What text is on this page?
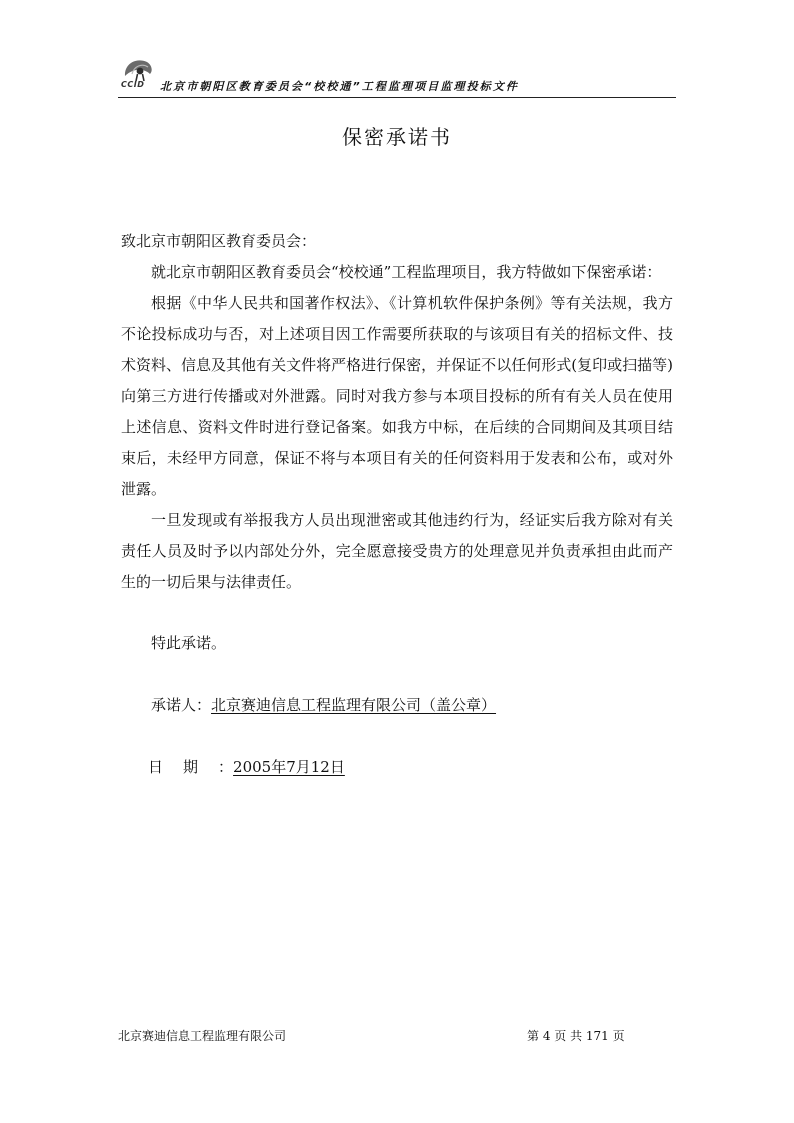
CCID 北京市朝阳区教育委员会“校校通”工程监理项目监理投标文件
保密承诺书

致北京市朝阳区教育委员会：

就北京市朝阳区教育委员会“校校通”工程监理项目，我方特做如下保密承诺：

根据《中华人民共和国著作权法》、《计算机软件保护条例》等有关法规，我方不论投标成功与否，对上述项目因工作需要所获取的与该项目有关的招标文件、技术资料、信息及其他有关文件将严格进行保密，并保证不以任何形式(复印或扫描等)向第三方进行传播或对外泄露。同时对我方参与本项目投标的所有有关人员在使用上述信息、资料文件时进行登记备案。如我方中标，在后续的合同期间及其项目结束后，未经甲方同意，保证不将与本项目有关的任何资料用于发表和公布，或对外泄露。

一旦发现或有举报我方人员出现泄密或其他违约行为，经证实后我方除对有关责任人员及时予以内部处分外，完全愿意接受贵方的处理意见并负责承担由此而产生的一切后果与法律责任。

特此承诺。

承诺人：北京赛迪信息工程监理有限公司（盖公章）

日期：2005年7月12日

北京赛迪信息工程监理有限公司	第 4 页 共 171 页
